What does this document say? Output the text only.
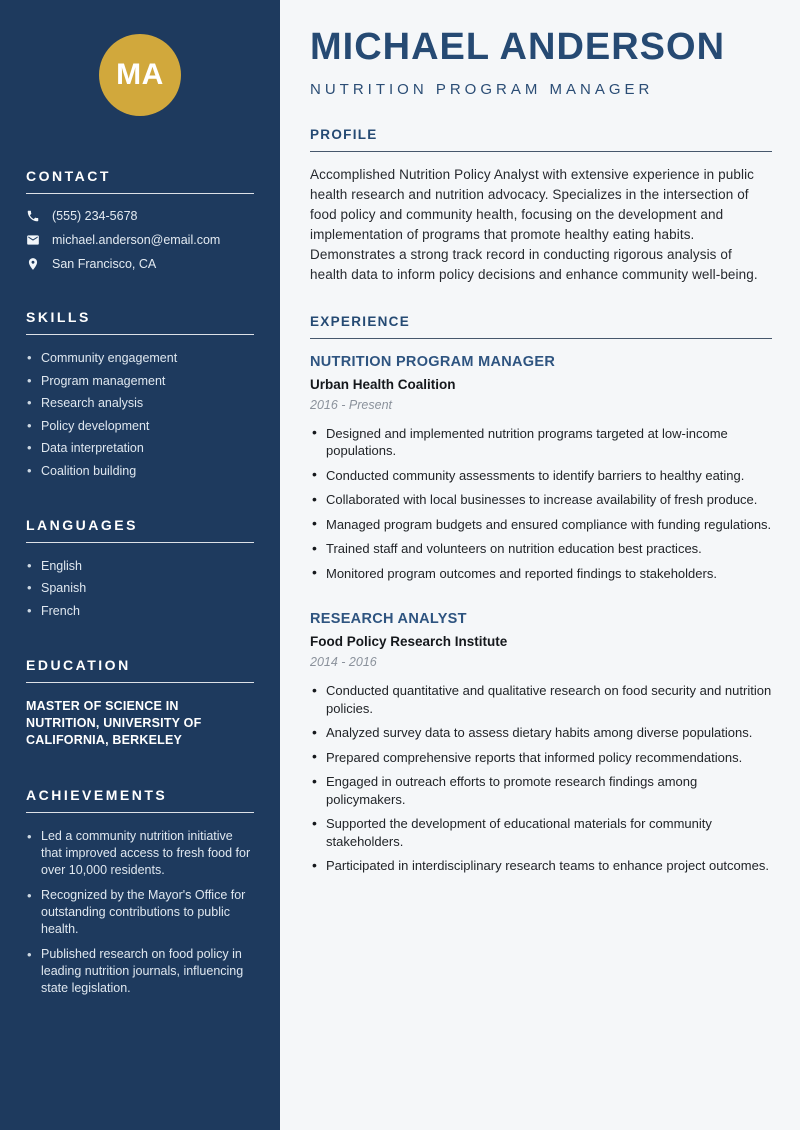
MA
CONTACT
(555) 234-5678
michael.anderson@email.com
San Francisco, CA
SKILLS
• Community engagement
• Program management
• Research analysis
• Policy development
• Data interpretation
• Coalition building
LANGUAGES
• English
• Spanish
• French
EDUCATION
MASTER OF SCIENCE IN NUTRITION, UNIVERSITY OF CALIFORNIA, BERKELEY
ACHIEVEMENTS
• Led a community nutrition initiative that improved access to fresh food for over 10,000 residents.
• Recognized by the Mayor's Office for outstanding contributions to public health.
• Published research on food policy in leading nutrition journals, influencing state legislation.
MICHAEL ANDERSON
NUTRITION PROGRAM MANAGER
PROFILE

Accomplished Nutrition Policy Analyst with extensive experience in public health research and nutrition advocacy. Specializes in the intersection of food policy and community health, focusing on the development and implementation of programs that promote healthy eating habits. Demonstrates a strong track record in conducting rigorous analysis of health data to inform policy decisions and enhance community well-being.

EXPERIENCE
NUTRITION PROGRAM MANAGER
Urban Health Coalition
2016 - Present
• Designed and implemented nutrition programs targeted at low-income populations.
• Conducted community assessments to identify barriers to healthy eating.
• Collaborated with local businesses to increase availability of fresh produce.
• Managed program budgets and ensured compliance with funding regulations.
• Trained staff and volunteers on nutrition education best practices.
• Monitored program outcomes and reported findings to stakeholders.
RESEARCH ANALYST
Food Policy Research Institute
2014 - 2016
• Conducted quantitative and qualitative research on food security and nutrition policies.
• Analyzed survey data to assess dietary habits among diverse populations.
• Prepared comprehensive reports that informed policy recommendations.
• Engaged in outreach efforts to promote research findings among policymakers.
• Supported the development of educational materials for community stakeholders.
• Participated in interdisciplinary research teams to enhance project outcomes.
